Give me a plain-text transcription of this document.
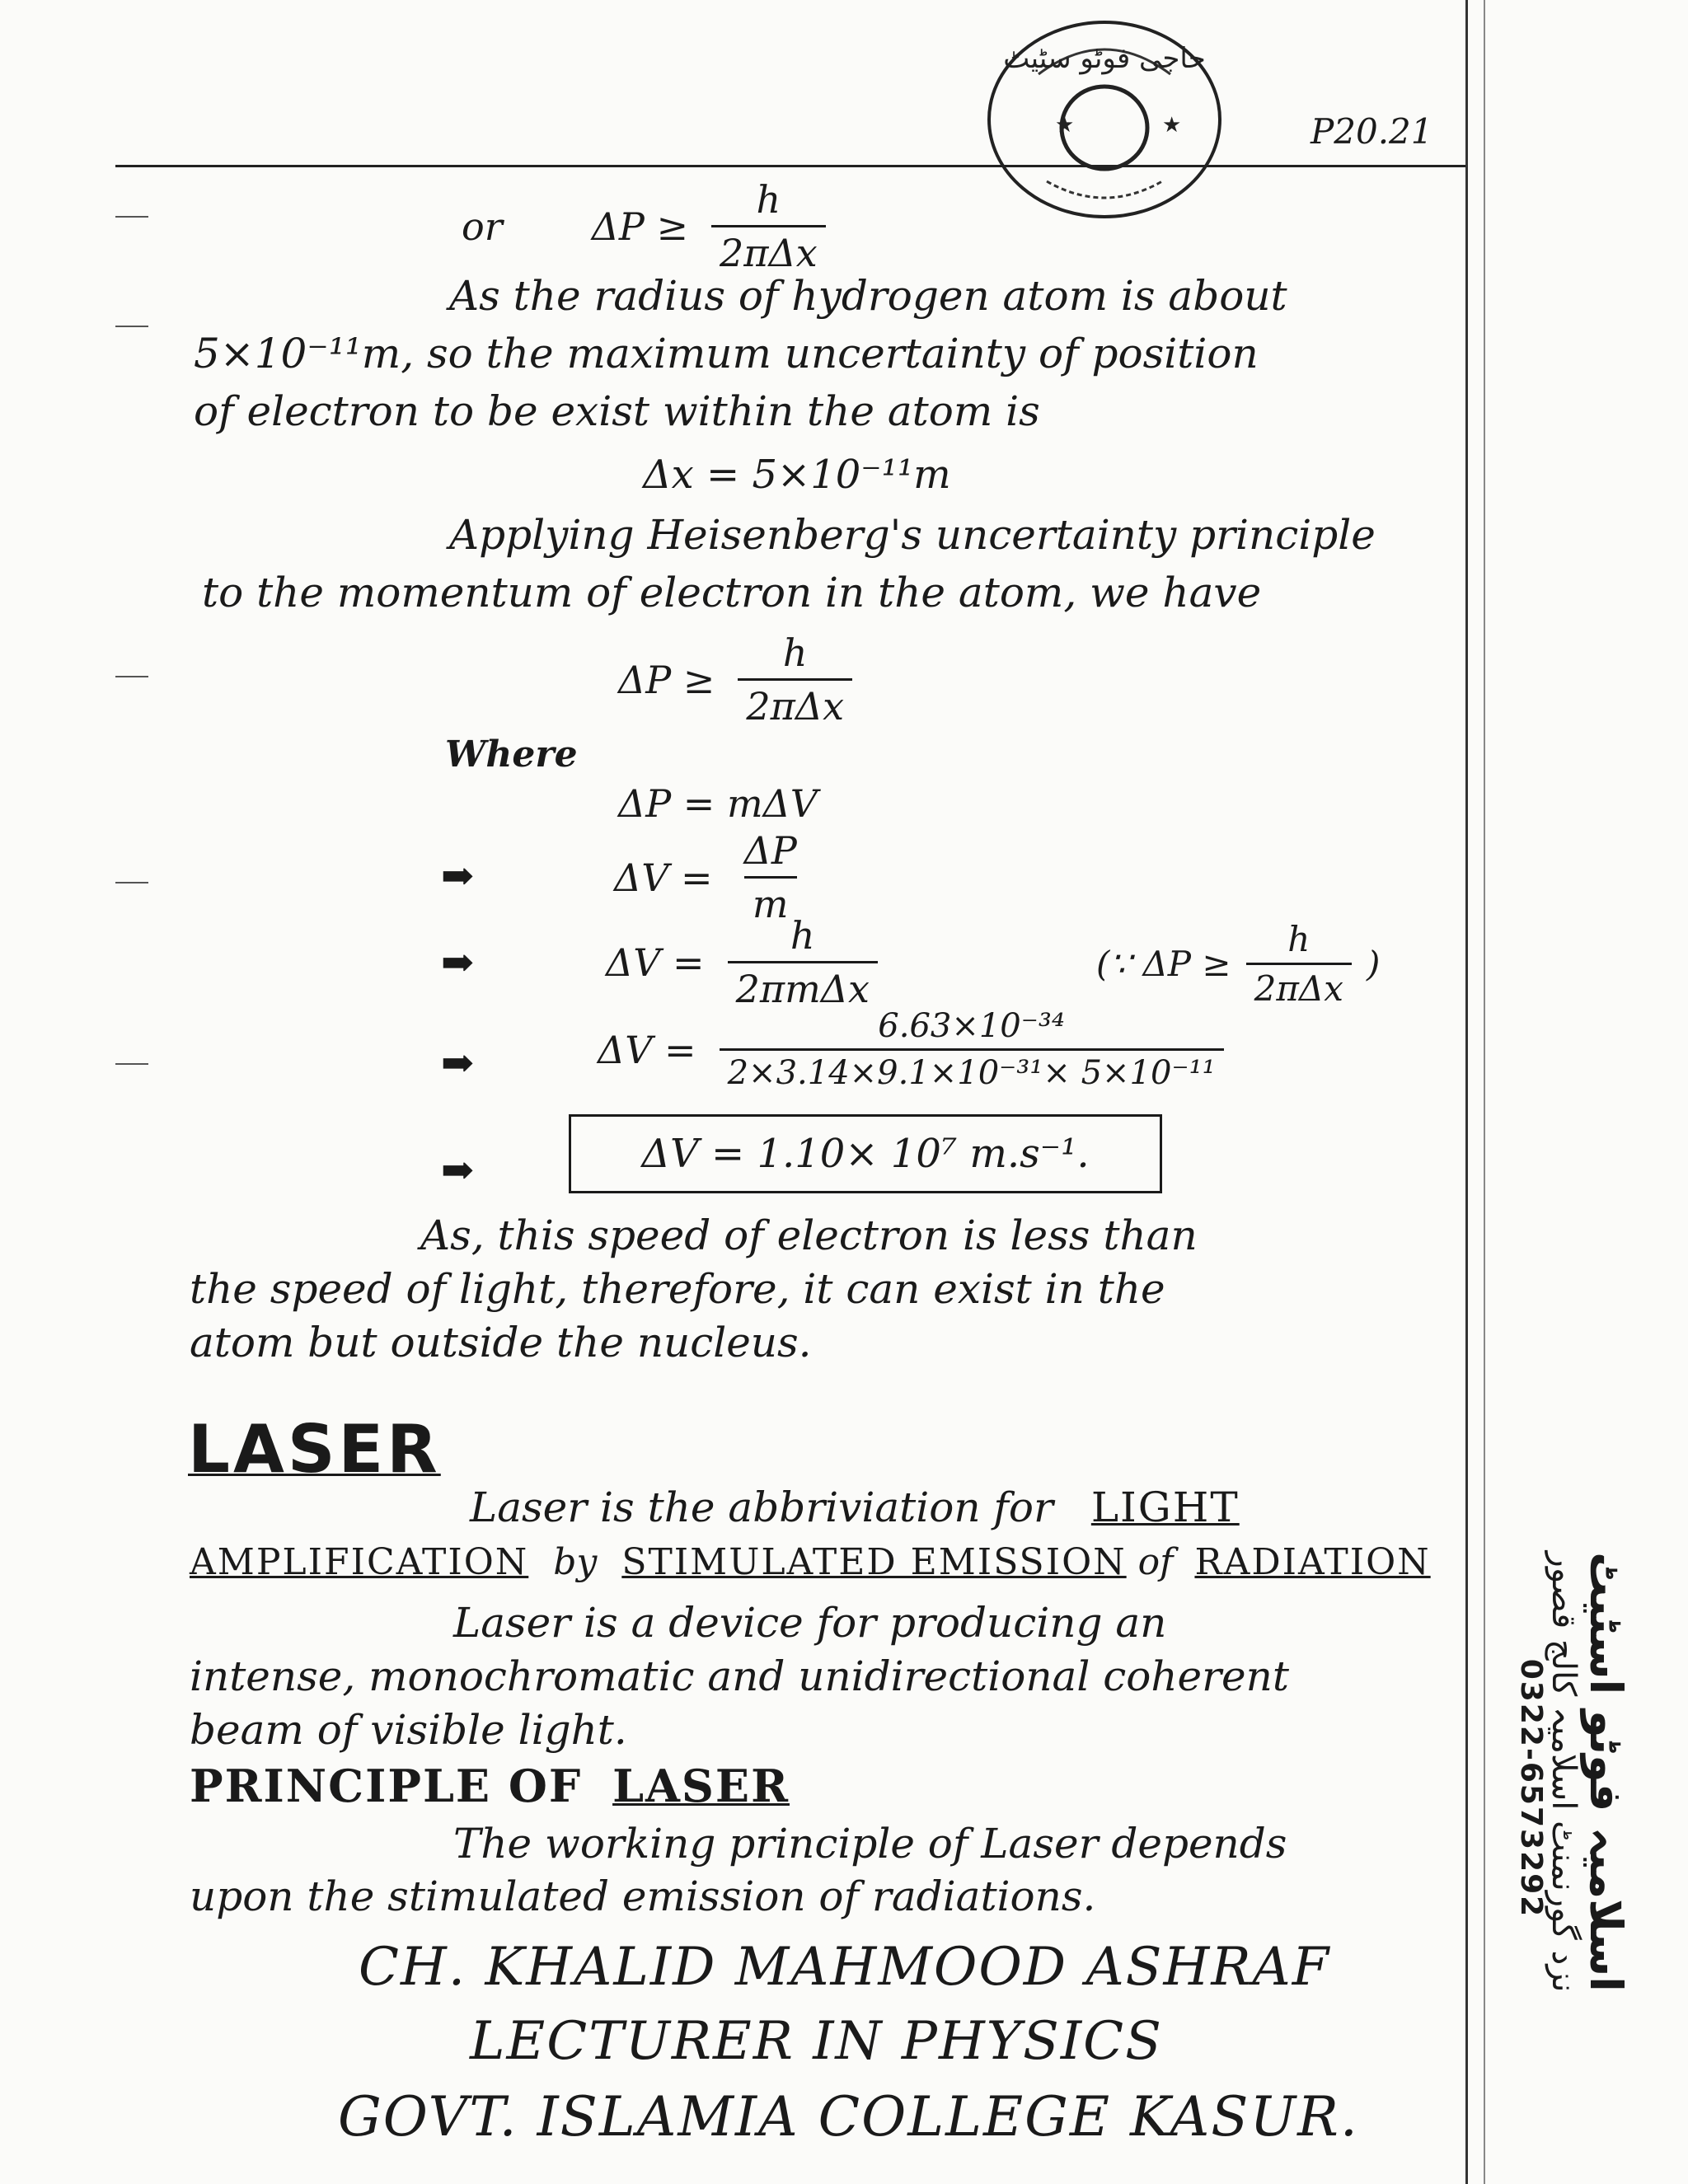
★	★
حاجی فوٹو سٹیٹ
P20.21
or $\Delta P \ge \frac{h}{\text{2πΔx}}$
As the radius of hydrogen atom is about
5×10⁻¹¹m, so the maximum uncertainty of position
of electron to be exist within the atom is
Δx = 5×10⁻¹¹m
Applying Heisenberg's uncertainty principle
to the momentum of electron in the atom, we have
$\Delta P \ge \frac{h}{\text{2πΔx}}$
Where
ΔP = mΔV
➡	$\Delta V = \frac{\Delta P}{m}$
➡	$\Delta V = \frac{h}{\text{2πmΔx}}$	(∵ $\Delta P \ge \frac{h}{\text{2πΔx}}$ )
➡	$\Delta V = \frac{\text{6.63×10⁻³⁴}}{\text{2×3.14×9.1×10⁻³¹× 5×10⁻¹¹}}$
➡	ΔV = 1.10× 10⁷ m.s⁻¹.
As, this speed of electron is less than
the speed of light, therefore, it can exist in the
atom but outside the nucleus.
LASER
Laser is the abbriviation for LIGHT
AMPLIFICATION by STIMULATED EMISSION of RADIATION
Laser is a device for producing an
intense, monochromatic and unidirectional coherent
beam of visible light.
PRINCIPLE OF LASER
The working principle of Laser depends
upon the stimulated emission of radiations.
CH. KHALID MAHMOOD ASHRAF
LECTURER IN PHYSICS
GOVT. ISLAMIA COLLEGE KASUR.
اسلامیہ فوٹو اسٹیٹ
نزد گورنمنٹ اسلامیہ کالج قصور
0322-6573292
